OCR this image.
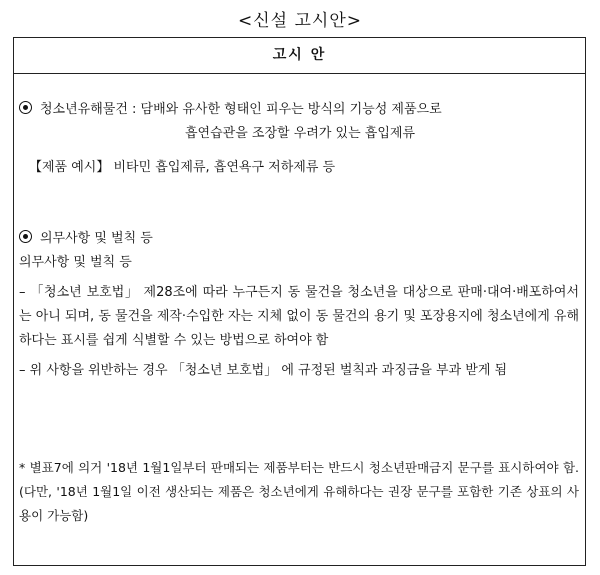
<신설 고시안>
고시 안
청소년유해물건 : 담배와 유사한 형태인 피우는 방식의 기능성 제품으로
흡연습관을 조장할 우려가 있는 흡입제류
【제품 예시】 비타민 흡입제류, 흡연욕구 저하제류 등
의무사항 및 벌칙 등
의무사항 및 벌칙 등
– 「청소년 보호법」 제28조에 따라 누구든지 동 물건을 청소년을 대상으로 판매·대여·배포하여서는 아니 되며, 동 물건을 제작·수입한 자는 지체 없이 동 물건의 용기 및 포장용지에 청소년에게 유해하다는 표시를 쉽게 식별할 수 있는 방법으로 하여야 함
– 위 사항을 위반하는 경우 「청소년 보호법」 에 규정된 벌칙과 과징금을 부과 받게 됨
* 별표7에 의거 '18년 1월1일부터 판매되는 제품부터는 반드시 청소년판매금지 문구를 표시하여야 함.(다만, '18년 1월1일 이전 생산되는 제품은 청소년에게 유해하다는 권장 문구를 포함한 기존 상표의 사용이 가능함)
